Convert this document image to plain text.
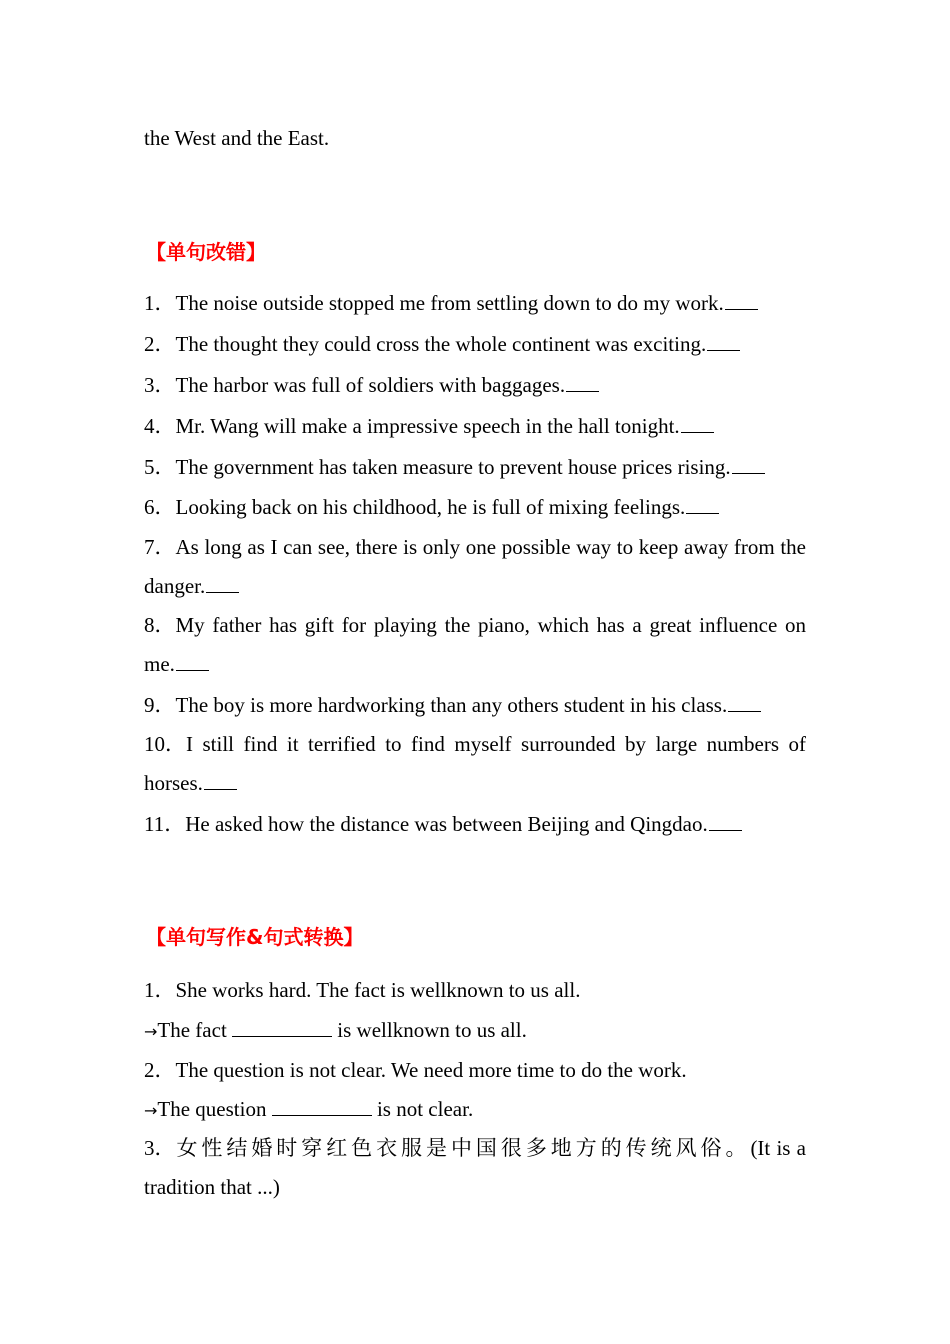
the West and the East.
【单句改错】
1．The noise outside stopped me from settling down to do my work.
2．The thought they could cross the whole continent was exciting.
3．The harbor was full of soldiers with baggages.
4．Mr. Wang will make a impressive speech in the hall tonight.
5．The government has taken measure to prevent house prices rising.
6．Looking back on his childhood, he is full of mixing feelings.
7．As long as I can see, there is only one possible way to keep away from the danger.
8．My father has gift for playing the piano, which has a great influence on me.
9．The boy is more hardworking than any others student in his class.
10．I still find it terrified to find myself surrounded by large numbers of horses.
11．He asked how the distance was between Beijing and Qingdao.
【单句写作&句式转换】
1．She works hard. The fact is wellknown to us all.
→The fact	is wellknown to us all.
2．The question is not clear. We need more time to do the work.
→The question	is not clear.
3．女性结婚时穿红色衣服是中国很多地方的传统风俗。(It is a tradition that ...)
